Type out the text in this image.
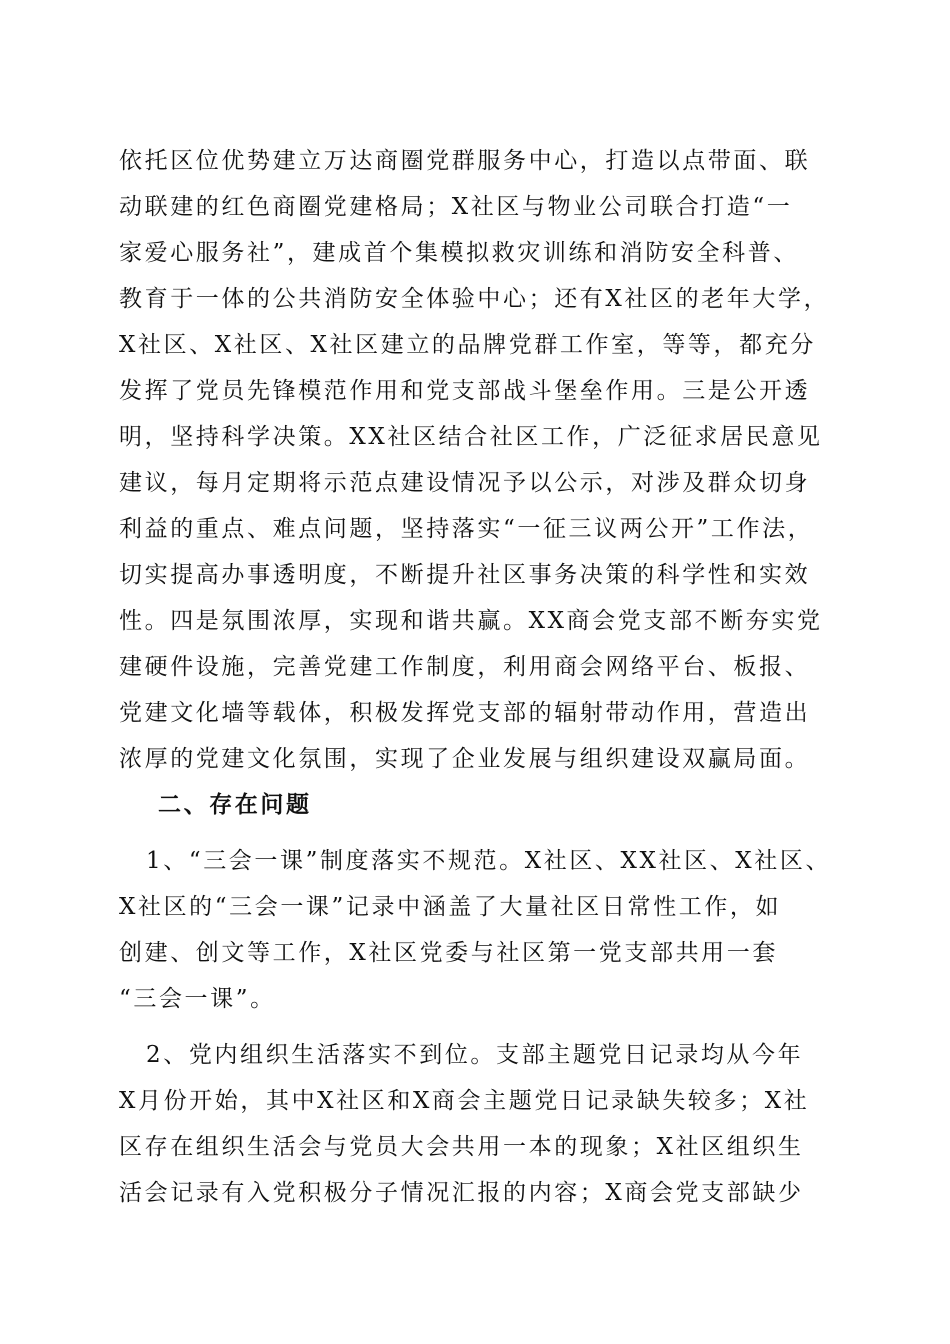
依托区位优势建立万达商圈党群服务中心，打造以点带面、联
动联建的红色商圈党建格局；X社区与物业公司联合打造“一
家爱心服务社”，建成首个集模拟救灾训练和消防安全科普、
教育于一体的公共消防安全体验中心；还有X社区的老年大学，
X社区、X社区、X社区建立的品牌党群工作室，等等，都充分
发挥了党员先锋模范作用和党支部战斗堡垒作用。三是公开透
明，坚持科学决策。XX社区结合社区工作，广泛征求居民意见
建议，每月定期将示范点建设情况予以公示，对涉及群众切身
利益的重点、难点问题，坚持落实“一征三议两公开”工作法，
切实提高办事透明度，不断提升社区事务决策的科学性和实效
性。四是氛围浓厚，实现和谐共赢。XX商会党支部不断夯实党
建硬件设施，完善党建工作制度，利用商会网络平台、板报、
党建文化墙等载体，积极发挥党支部的辐射带动作用，营造出
浓厚的党建文化氛围，实现了企业发展与组织建设双赢局面。
二、存在问题
1、“三会一课”制度落实不规范。X社区、XX社区、X社区、
X社区的“三会一课”记录中涵盖了大量社区日常性工作，如
创建、创文等工作，X社区党委与社区第一党支部共用一套
“三会一课”。
2、党内组织生活落实不到位。支部主题党日记录均从今年
X月份开始，其中X社区和X商会主题党日记录缺失较多；X社
区存在组织生活会与党员大会共用一本的现象；X社区组织生
活会记录有入党积极分子情况汇报的内容；X商会党支部缺少
